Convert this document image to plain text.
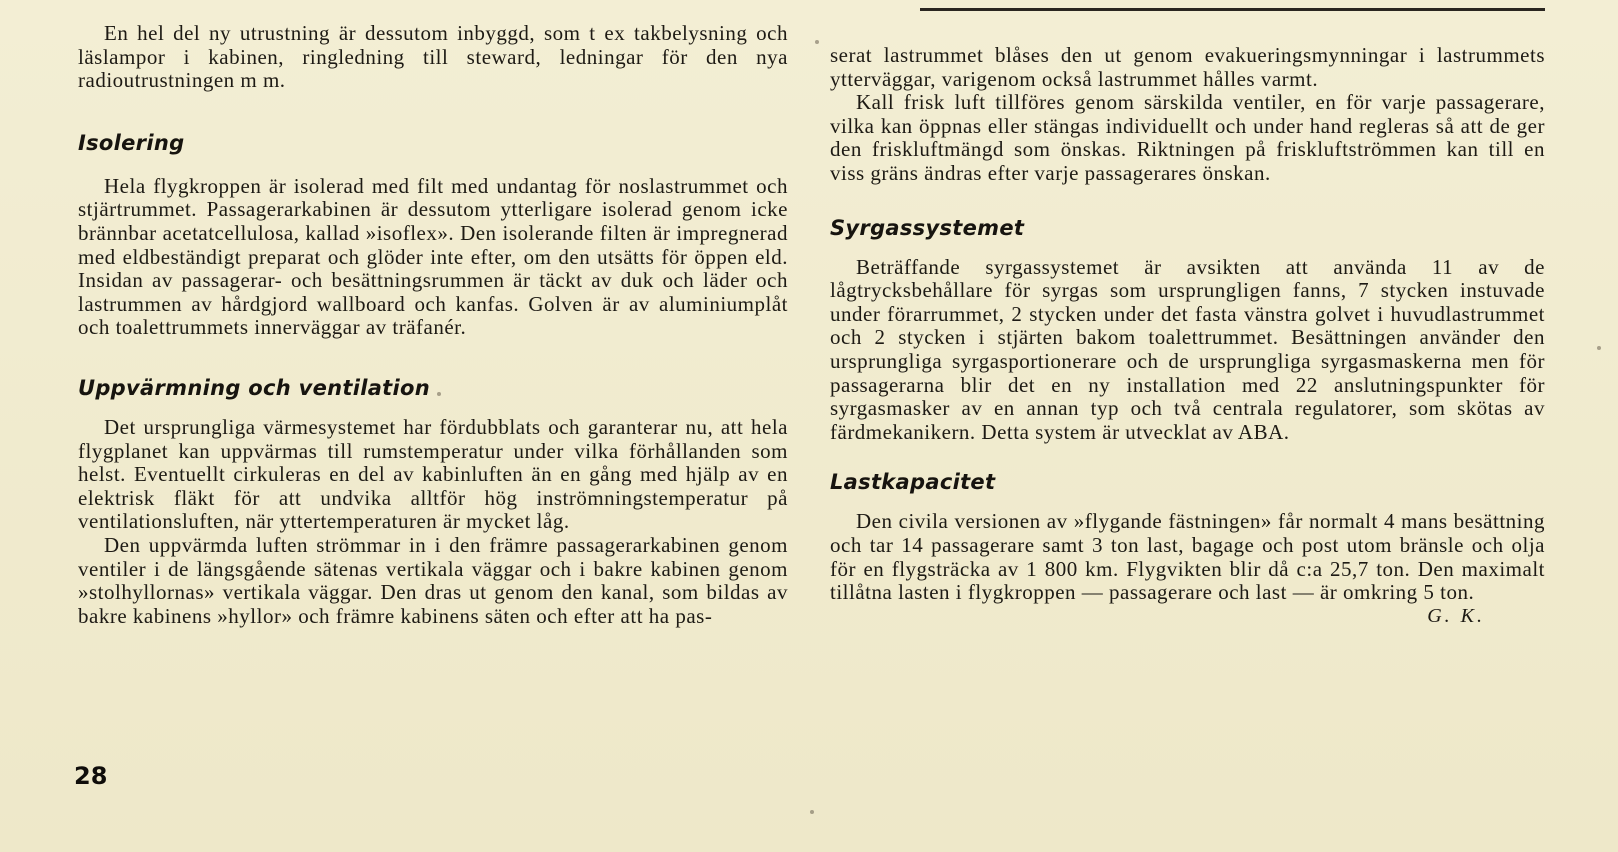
En hel del ny utrustning är dessutom inbyggd, som t ex takbelysning och läslampor i kabinen, ringledning till steward, ledningar för den nya radioutrustningen m m.

Isolering

Hela flygkroppen är isolerad med filt med undantag för noslastrummet och stjärtrummet. Passagerarkabinen är dessutom ytterligare isolerad genom icke brännbar acetatcellulosa, kallad »isoflex». Den isolerande filten är impregnerad med eldbeständigt preparat och glöder inte efter, om den utsätts för öppen eld. Insidan av passagerar- och besättningsrummen är täckt av duk och läder och lastrummen av hårdgjord wallboard och kanfas. Golven är av aluminiumplåt och toalettrummets innerväggar av träfanér.

Uppvärmning och ventilation

Det ursprungliga värmesystemet har fördubblats och garanterar nu, att hela flygplanet kan uppvärmas till rumstemperatur under vilka förhållanden som helst. Eventuellt cirkuleras en del av kabinluften än en gång med hjälp av en elektrisk fläkt för att undvika alltför hög inströmningstemperatur på ventilationsluften, när yttertemperaturen är mycket låg.

Den uppvärmda luften strömmar in i den främre passagerarkabinen genom ventiler i de längsgående sätenas vertikala väggar och i bakre kabinen genom »stolhyllornas» vertikala väggar. Den dras ut genom den kanal, som bildas av bakre kabinens »hyllor» och främre kabinens säten och efter att ha pas-

serat lastrummet blåses den ut genom evakueringsmynningar i lastrummets ytterväggar, varigenom också lastrummet hålles varmt.

Kall frisk luft tillföres genom särskilda ventiler, en för varje passagerare, vilka kan öppnas eller stängas individuellt och under hand regleras så att de ger den friskluftmängd som önskas. Riktningen på friskluftströmmen kan till en viss gräns ändras efter varje passagerares önskan.

Syrgassystemet

Beträffande syrgassystemet är avsikten att använda 11 av de lågtrycksbehållare för syrgas som ursprungligen fanns, 7 stycken instuvade under förarrummet, 2 stycken under det fasta vänstra golvet i huvudlastrummet och 2 stycken i stjärten bakom toalettrummet. Besättningen använder den ursprungliga syrgasportionerare och de ursprungliga syrgasmaskerna men för passagerarna blir det en ny installation med 22 anslutningspunkter för syrgasmasker av en annan typ och två centrala regulatorer, som skötas av färdmekanikern. Detta system är utvecklat av ABA.

Lastkapacitet

Den civila versionen av »flygande fästningen» får normalt 4 mans besättning och tar 14 passagerare samt 3 ton last, bagage och post utom bränsle och olja för en flygsträcka av 1 800 km. Flygvikten blir då c:a 25,7 ton. Den maximalt tillåtna lasten i flygkroppen — passagerare och last — är omkring 5 ton.

G. K.

28
